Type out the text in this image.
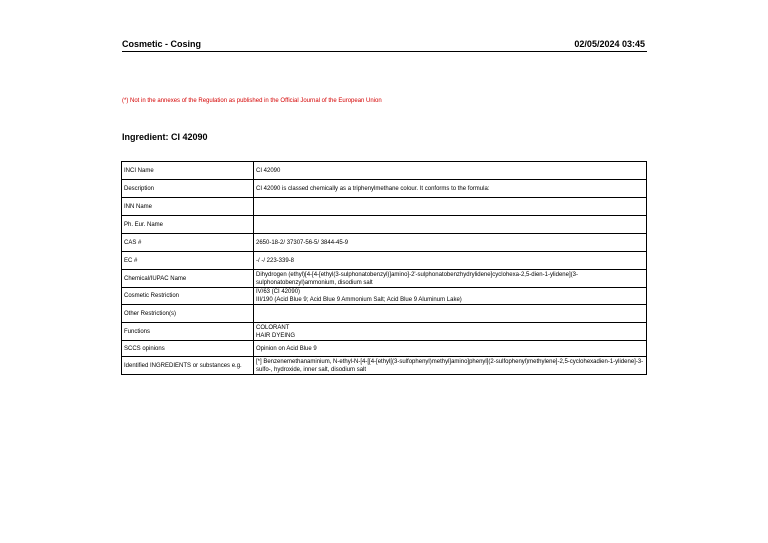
Cosmetic - Cosing	02/05/2024 03:45
(*) Not in the annexes of the Regulation as published in the Official Journal of the European Union
Ingredient: CI 42090
INCI Name	CI 42090

Description	CI 42090 is classed chemically as a triphenylmethane colour. It conforms to the formula:

INN Name	
Ph. Eur. Name	
CAS #	2650-18-2/ 37307-56-5/ 3844-45-9

EC #	-/ -/ 223-339-8

Chemical/IUPAC Name	Dihydrogen (ethyl)[4-[4-[ethyl(3-sulphonatobenzyl)]amino]-2'-sulphonatobenzhydrylidene]cyclohexa-2,5-dien-1-ylidene](3-sulphonatobenzyl)ammonium, disodium salt

Cosmetic Restriction	IV/63 (CI 42090)
III/190 (Acid Blue 9; Acid Blue 9 Ammonium Salt; Acid Blue 9 Aluminum Lake)

Other Restriction(s)	
Functions	COLORANT
HAIR DYEING

SCCS opinions	Opinion on Acid Blue 9

Identified INGREDIENTS or substances e.g.	[*] Benzenemethanaminium, N-ethyl-N-[4-[[4-[ethyl[(3-sulfophenyl)methyl]amino]phenyl](2-sulfophenyl)methylene]-2,5-cyclohexadien-1-ylidene]-3-sulfo-, hydroxide, inner salt, disodium salt
